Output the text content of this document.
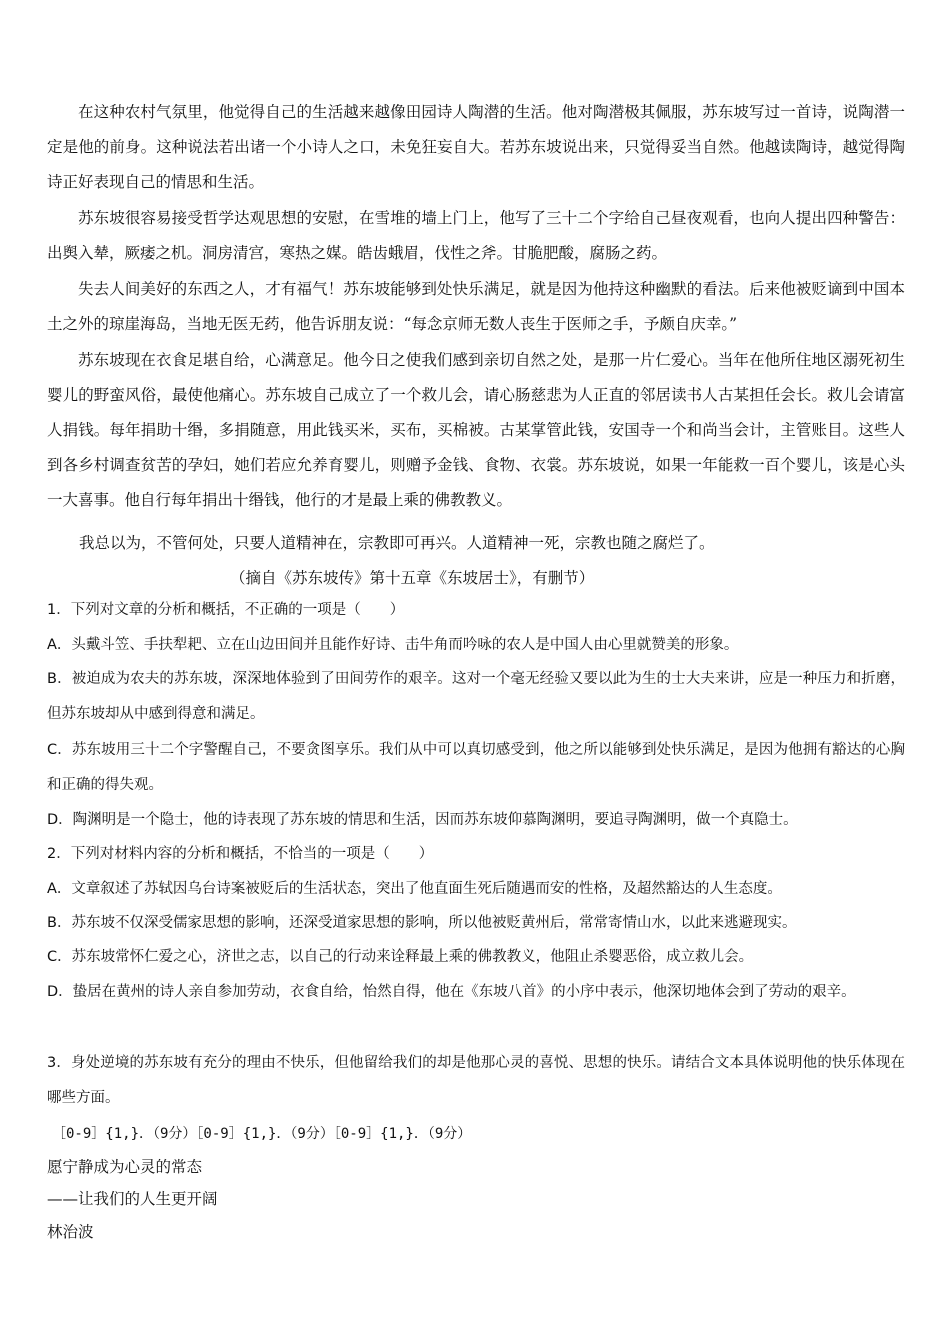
在这种农村气氛里，他觉得自己的生活越来越像田园诗人陶潜的生活。他对陶潜极其佩服，苏东坡写过一首诗，说陶潜一定是他的前身。这种说法若出诸一个小诗人之口，未免狂妄自大。若苏东坡说出来，只觉得妥当自然。他越读陶诗，越觉得陶诗正好表现自己的情思和生活。

苏东坡很容易接受哲学达观思想的安慰，在雪堆的墙上门上，他写了三十二个字给自己昼夜观看，也向人提出四种警告：出舆入辇，厥痿之机。洞房清宫，寒热之媒。皓齿蛾眉，伐性之斧。甘脆肥酸，腐肠之药。

失去人间美好的东西之人，才有福气！苏东坡能够到处快乐满足，就是因为他持这种幽默的看法。后来他被贬谪到中国本土之外的琼崖海岛，当地无医无药，他告诉朋友说：“每念京师无数人丧生于医师之手，予颇自庆幸。”

苏东坡现在衣食足堪自给，心满意足。他今日之使我们感到亲切自然之处，是那一片仁爱心。当年在他所住地区溺死初生婴儿的野蛮风俗，最使他痛心。苏东坡自己成立了一个救儿会，请心肠慈悲为人正直的邻居读书人古某担任会长。救儿会请富人捐钱。每年捐助十缗，多捐随意，用此钱买米，买布，买棉被。古某掌管此钱，安国寺一个和尚当会计，主管账目。这些人到各乡村调查贫苦的孕妇，她们若应允养育婴儿，则赠予金钱、食物、衣裳。苏东坡说，如果一年能救一百个婴儿，该是心头一大喜事。他自行每年捐出十缗钱，他行的才是最上乘的佛教教义。

我总以为，不管何处，只要人道精神在，宗教即可再兴。人道精神一死，宗教也随之腐烂了。

（摘自《苏东坡传》第十五章《东坡居士》，有删节）

1．下列对文章的分析和概括，不正确的一项是（　　）

A．头戴斗笠、手扶犁耙、立在山边田间并且能作好诗、击牛角而吟咏的农人是中国人由心里就赞美的形象。

B．被迫成为农夫的苏东坡，深深地体验到了田间劳作的艰辛。这对一个毫无经验又要以此为生的士大夫来讲，应是一种压力和折磨，但苏东坡却从中感到得意和满足。

C．苏东坡用三十二个字警醒自己，不要贪图享乐。我们从中可以真切感受到，他之所以能够到处快乐满足，是因为他拥有豁达的心胸和正确的得失观。

D．陶渊明是一个隐士，他的诗表现了苏东坡的情思和生活，因而苏东坡仰慕陶渊明，要追寻陶渊明，做一个真隐士。

2．下列对材料内容的分析和概括，不恰当的一项是（　　）

A．文章叙述了苏轼因乌台诗案被贬后的生活状态，突出了他直面生死后随遇而安的性格，及超然豁达的人生态度。

B．苏东坡不仅深受儒家思想的影响，还深受道家思想的影响，所以他被贬黄州后，常常寄情山水，以此来逃避现实。

C．苏东坡常怀仁爱之心，济世之志，以自己的行动来诠释最上乘的佛教教义，他阻止杀婴恶俗，成立救儿会。

D．蛰居在黄州的诗人亲自参加劳动，衣食自给，怡然自得，他在《东坡八首》的小序中表示，他深切地体会到了劳动的艰辛。

3．身处逆境的苏东坡有充分的理由不快乐，但他留给我们的却是他那心灵的喜悦、思想的快乐。请结合文本具体说明他的快乐体现在哪些方面。

［0-9］{1,}．（9分）［0-9］{1,}．（9分）［0-9］{1,}．（9分）

愿宁静成为心灵的常态

——让我们的人生更开阔

林治波
